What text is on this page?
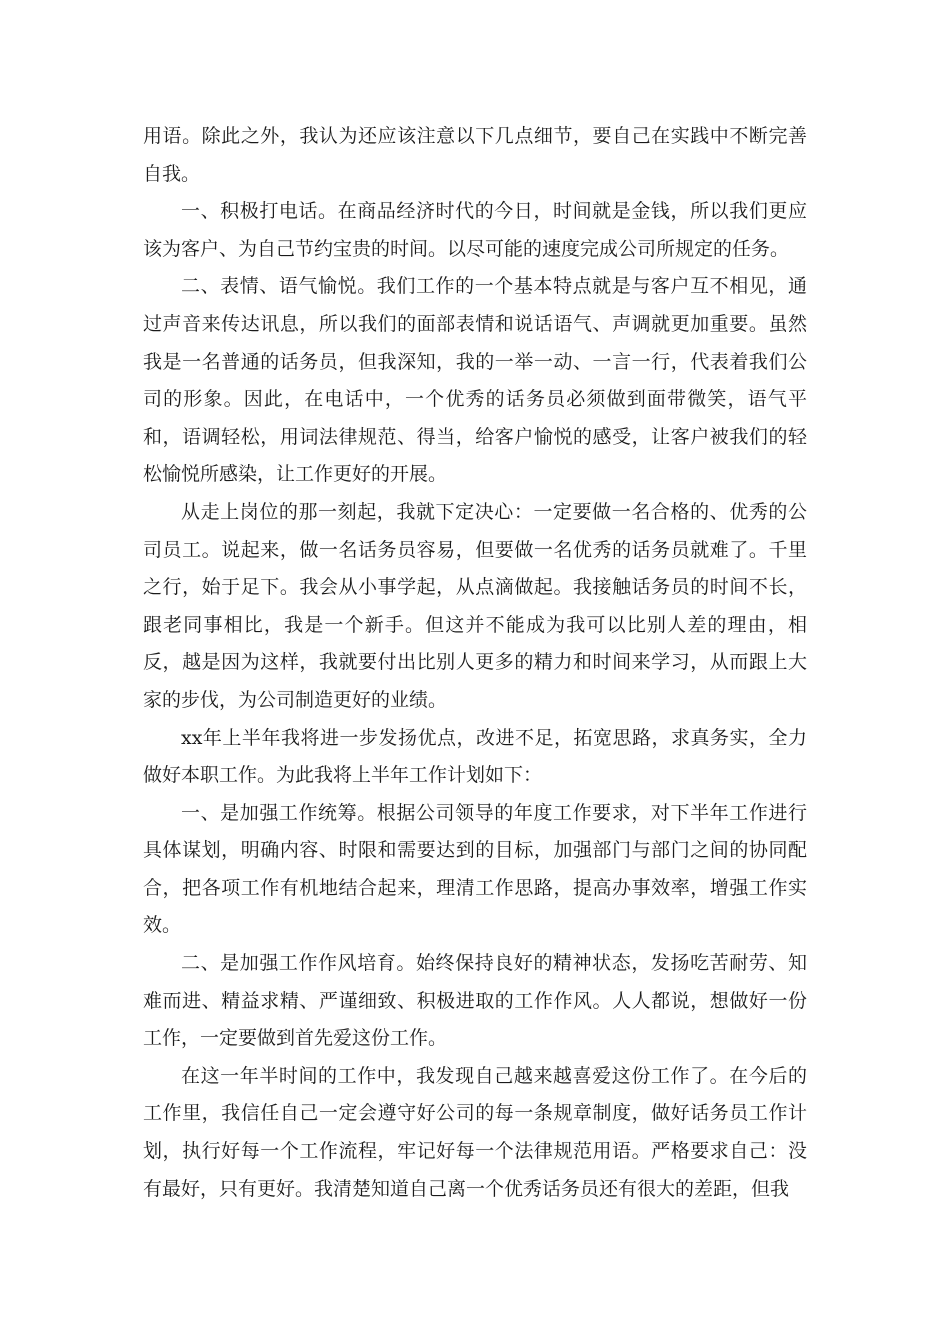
用语。除此之外，我认为还应该注意以下几点细节，要自己在实践中不断完善自我。

一、积极打电话。在商品经济时代的今日，时间就是金钱，所以我们更应该为客户、为自己节约宝贵的时间。以尽可能的速度完成公司所规定的任务。

二、表情、语气愉悦。我们工作的一个基本特点就是与客户互不相见，通过声音来传达讯息，所以我们的面部表情和说话语气、声调就更加重要。虽然我是一名普通的话务员，但我深知，我的一举一动、一言一行，代表着我们公司的形象。因此，在电话中，一个优秀的话务员必须做到面带微笑，语气平和，语调轻松，用词法律规范、得当，给客户愉悦的感受，让客户被我们的轻松愉悦所感染，让工作更好的开展。

从走上岗位的那一刻起，我就下定决心：一定要做一名合格的、优秀的公司员工。说起来，做一名话务员容易，但要做一名优秀的话务员就难了。千里之行，始于足下。我会从小事学起，从点滴做起。我接触话务员的时间不长，跟老同事相比，我是一个新手。但这并不能成为我可以比别人差的理由，相反，越是因为这样，我就要付出比别人更多的精力和时间来学习，从而跟上大家的步伐，为公司制造更好的业绩。

xx年上半年我将进一步发扬优点，改进不足，拓宽思路，求真务实，全力做好本职工作。为此我将上半年工作计划如下：

一、是加强工作统筹。根据公司领导的年度工作要求，对下半年工作进行具体谋划，明确内容、时限和需要达到的目标，加强部门与部门之间的协同配合，把各项工作有机地结合起来，理清工作思路，提高办事效率，增强工作实效。

二、是加强工作作风培育。始终保持良好的精神状态，发扬吃苦耐劳、知难而进、精益求精、严谨细致、积极进取的工作作风。人人都说，想做好一份工作，一定要做到首先爱这份工作。

在这一年半时间的工作中，我发现自己越来越喜爱这份工作了。在今后的工作里，我信任自己一定会遵守好公司的每一条规章制度，做好话务员工作计划，执行好每一个工作流程，牢记好每一个法律规范用语。严格要求自己：没有最好，只有更好。我清楚知道自己离一个优秀话务员还有很大的差距，但我
